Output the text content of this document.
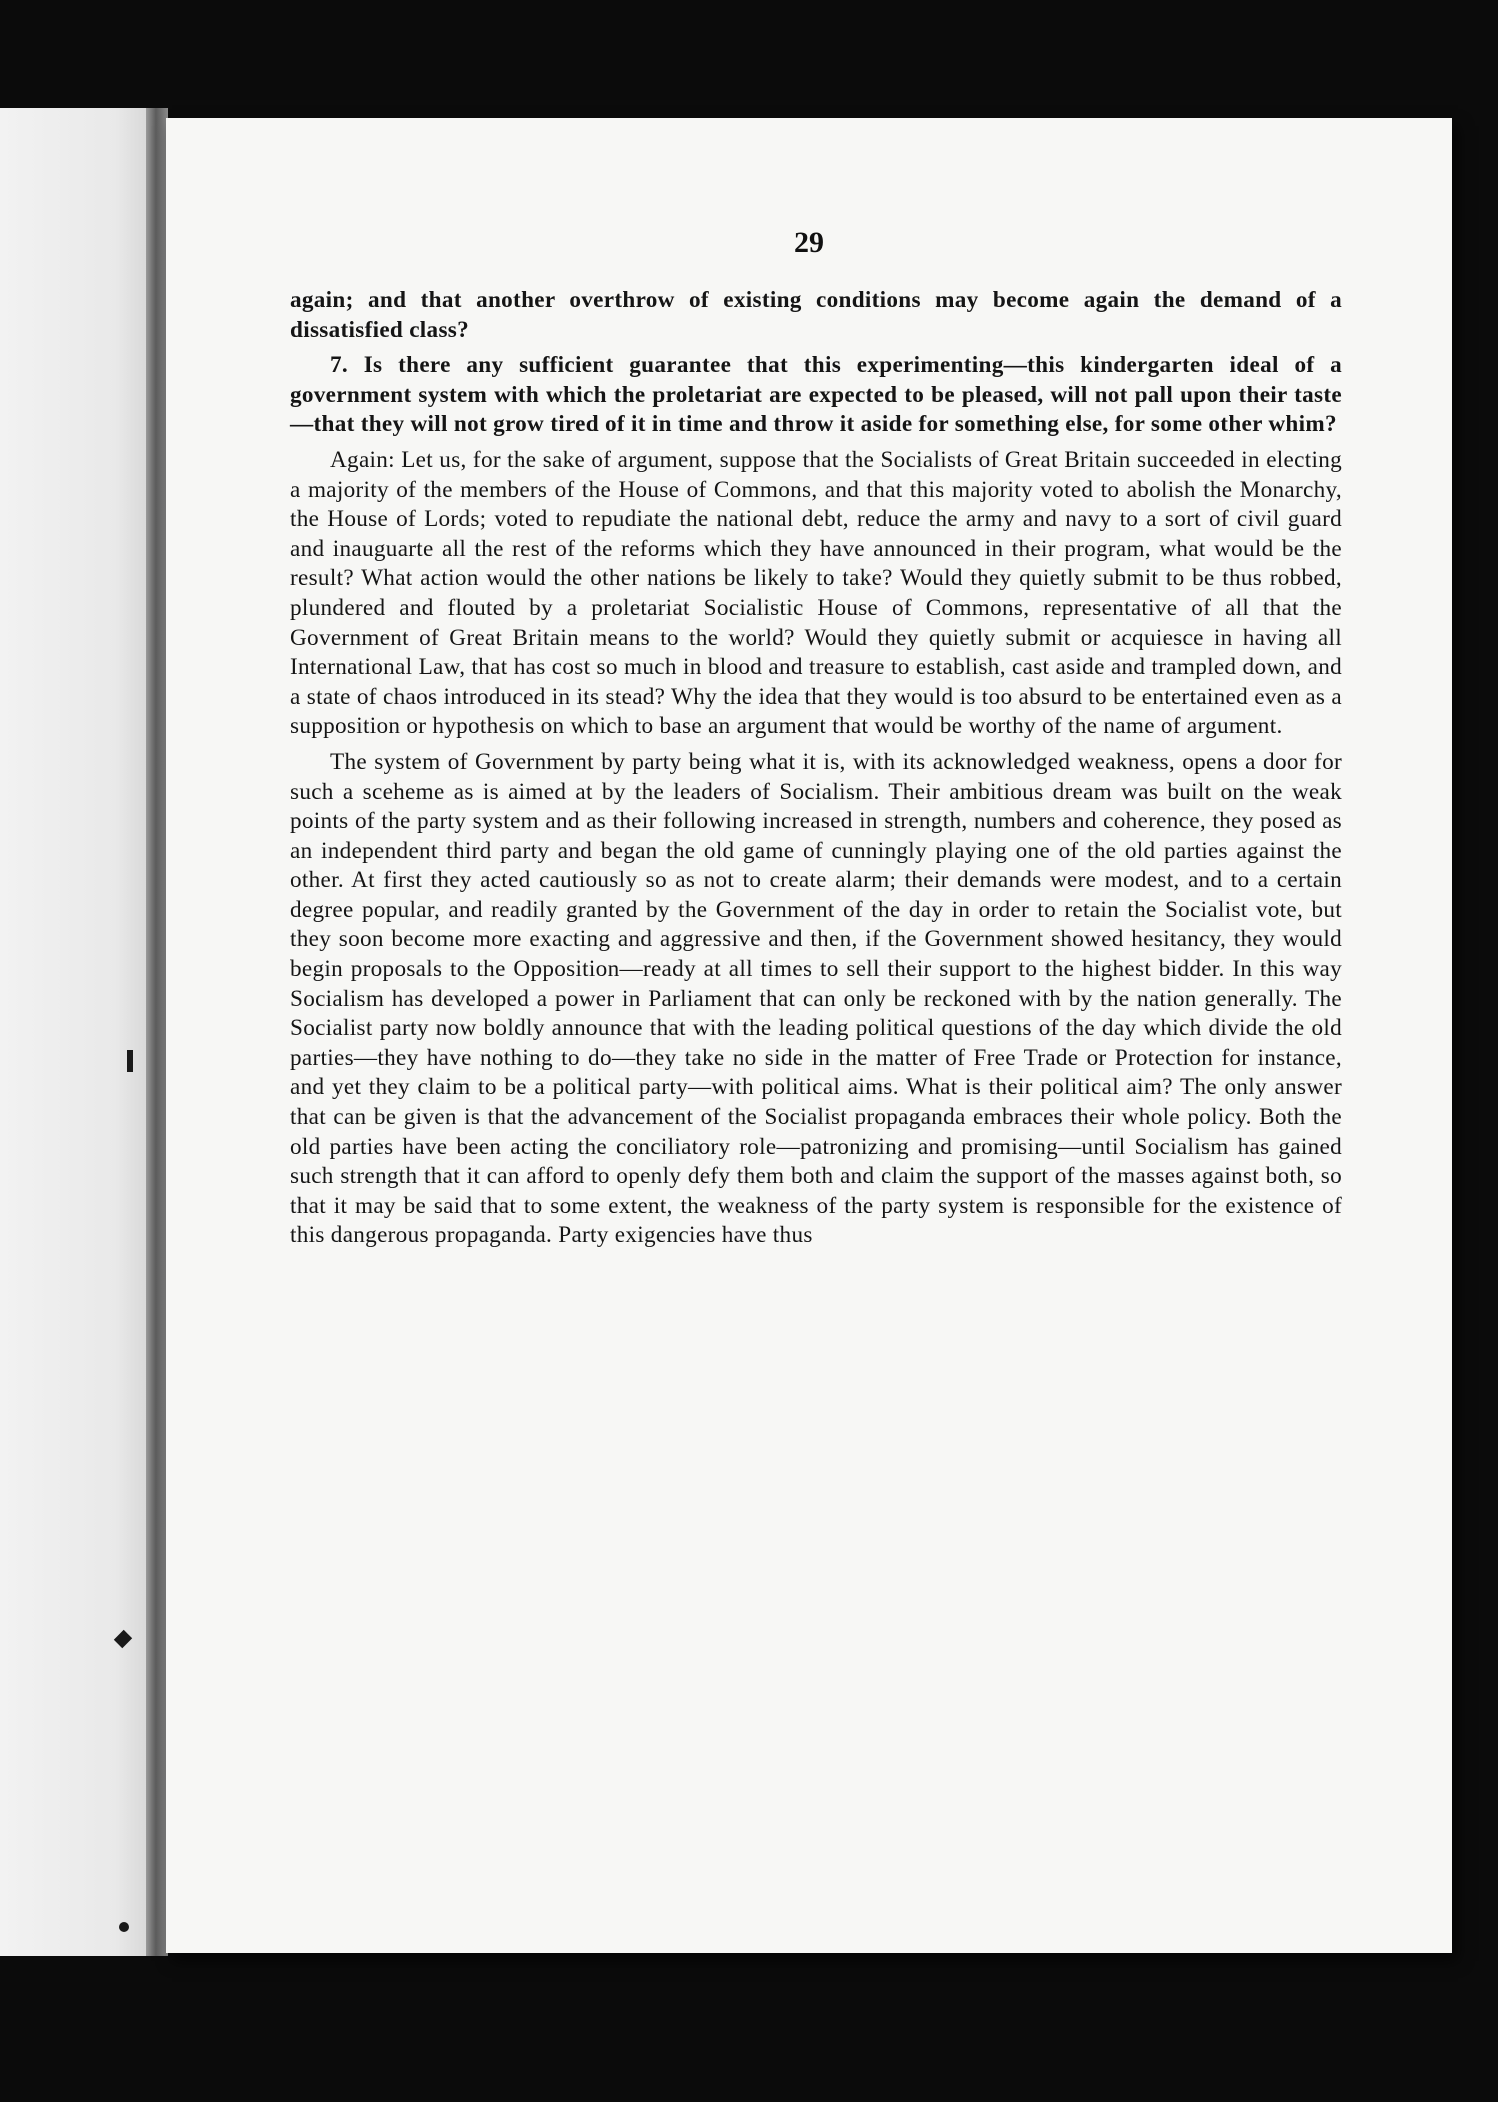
29

again; and that another overthrow of existing conditions may become again the demand of a dissatisfied class?

7. Is there any sufficient guarantee that this experimenting—this kindergarten ideal of a government system with which the proletariat are expected to be pleased, will not pall upon their taste—that they will not grow tired of it in time and throw it aside for something else, for some other whim?

Again: Let us, for the sake of argument, suppose that the Socialists of Great Britain succeeded in electing a majority of the members of the House of Commons, and that this majority voted to abolish the Monarchy, the House of Lords; voted to repudiate the national debt, reduce the army and navy to a sort of civil guard and inauguarte all the rest of the reforms which they have announced in their program, what would be the result? What action would the other nations be likely to take? Would they quietly submit to be thus robbed, plundered and flouted by a proletariat Socialistic House of Commons, representative of all that the Government of Great Britain means to the world? Would they quietly submit or acquiesce in having all International Law, that has cost so much in blood and treasure to establish, cast aside and trampled down, and a state of chaos introduced in its stead? Why the idea that they would is too absurd to be entertained even as a supposition or hypothesis on which to base an argument that would be worthy of the name of argument.

The system of Government by party being what it is, with its acknowledged weakness, opens a door for such a sceheme as is aimed at by the leaders of Socialism. Their ambitious dream was built on the weak points of the party system and as their following increased in strength, numbers and coherence, they posed as an independent third party and began the old game of cunningly playing one of the old parties against the other. At first they acted cautiously so as not to create alarm; their demands were modest, and to a certain degree popular, and readily granted by the Government of the day in order to retain the Socialist vote, but they soon become more exacting and aggressive and then, if the Government showed hesitancy, they would begin proposals to the Opposition—ready at all times to sell their support to the highest bidder. In this way Socialism has developed a power in Parliament that can only be reckoned with by the nation generally. The Socialist party now boldly announce that with the leading political questions of the day which divide the old parties—they have nothing to do—they take no side in the matter of Free Trade or Protection for instance, and yet they claim to be a political party—with political aims. What is their political aim? The only answer that can be given is that the advancement of the Socialist propaganda embraces their whole policy. Both the old parties have been acting the conciliatory role—patronizing and promising—until Socialism has gained such strength that it can afford to openly defy them both and claim the support of the masses against both, so that it may be said that to some extent, the weakness of the party system is responsible for the existence of this dangerous propaganda. Party exigencies have thus
